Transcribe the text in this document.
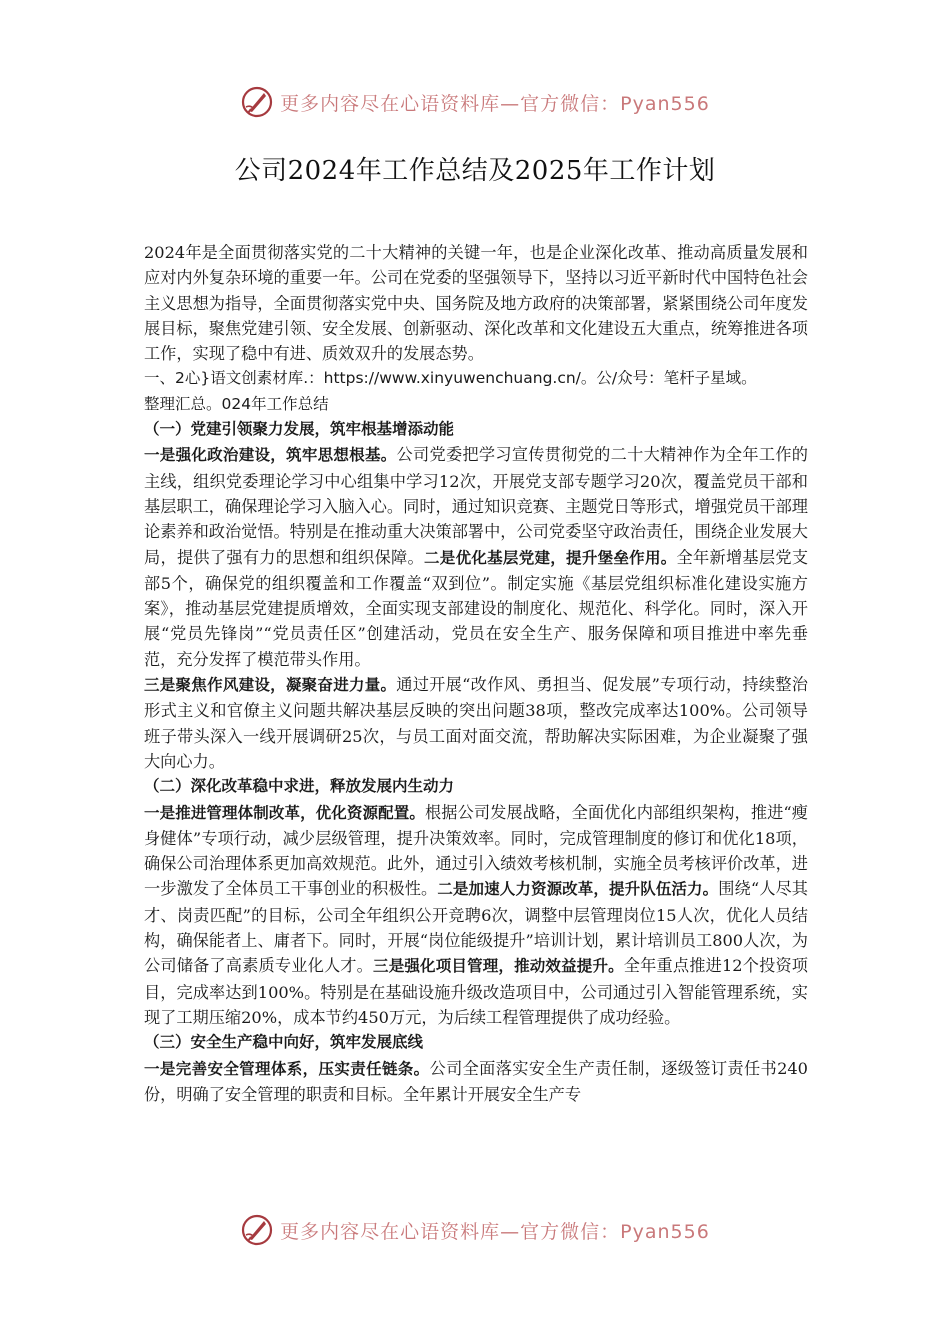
更多内容尽在心语资料库—官方微信：Pyan556
公司2024年工作总结及2025年工作计划

2024年是全面贯彻落实党的二十大精神的关键一年，也是企业深化改革、推动高质量发展和应对内外复杂环境的重要一年。公司在党委的坚强领导下，坚持以习近平新时代中国特色社会主义思想为指导，全面贯彻落实党中央、国务院及地方政府的决策部署，紧紧围绕公司年度发展目标，聚焦党建引领、安全发展、创新驱动、深化改革和文化建设五大重点，统筹推进各项工作，实现了稳中有进、质效双升的发展态势。

一、2心}语文创素材库.：https://www.xinyuwenchuang.cn/。公/众号：笔杆子星域。

整理汇总。024年工作总结

（一）党建引领聚力发展，筑牢根基增添动能

一是强化政治建设，筑牢思想根基。公司党委把学习宣传贯彻党的二十大精神作为全年工作的主线，组织党委理论学习中心组集中学习12次，开展党支部专题学习20次，覆盖党员干部和基层职工，确保理论学习入脑入心。同时，通过知识竞赛、主题党日等形式，增强党员干部理论素养和政治觉悟。特别是在推动重大决策部署中，公司党委坚守政治责任，围绕企业发展大局，提供了强有力的思想和组织保障。二是优化基层党建，提升堡垒作用。全年新增基层党支部5个，确保党的组织覆盖和工作覆盖“双到位”。制定实施《基层党组织标准化建设实施方案》，推动基层党建提质增效，全面实现支部建设的制度化、规范化、科学化。同时，深入开展“党员先锋岗”“党员责任区”创建活动，党员在安全生产、服务保障和项目推进中率先垂范，充分发挥了模范带头作用。

三是聚焦作风建设，凝聚奋进力量。通过开展“改作风、勇担当、促发展”专项行动，持续整治形式主义和官僚主义问题共解决基层反映的突出问题38项，整改完成率达100%。公司领导班子带头深入一线开展调研25次，与员工面对面交流，帮助解决实际困难，为企业凝聚了强大向心力。

（二）深化改革稳中求进，释放发展内生动力

一是推进管理体制改革，优化资源配置。根据公司发展战略，全面优化内部组织架构，推进“瘦身健体”专项行动，减少层级管理，提升决策效率。同时，完成管理制度的修订和优化18项，确保公司治理体系更加高效规范。此外，通过引入绩效考核机制，实施全员考核评价改革，进一步激发了全体员工干事创业的积极性。二是加速人力资源改革，提升队伍活力。围绕“人尽其才、岗责匹配”的目标，公司全年组织公开竞聘6次，调整中层管理岗位15人次，优化人员结构，确保能者上、庸者下。同时，开展“岗位能级提升”培训计划，累计培训员工800人次，为公司储备了高素质专业化人才。三是强化项目管理，推动效益提升。全年重点推进12个投资项目，完成率达到100%。特别是在基础设施升级改造项目中，公司通过引入智能管理系统，实现了工期压缩20%，成本节约450万元，为后续工程管理提供了成功经验。

（三）安全生产稳中向好，筑牢发展底线

一是完善安全管理体系，压实责任链条。公司全面落实安全生产责任制，逐级签订责任书240份，明确了安全管理的职责和目标。全年累计开展安全生产专

更多内容尽在心语资料库—官方微信：Pyan556
